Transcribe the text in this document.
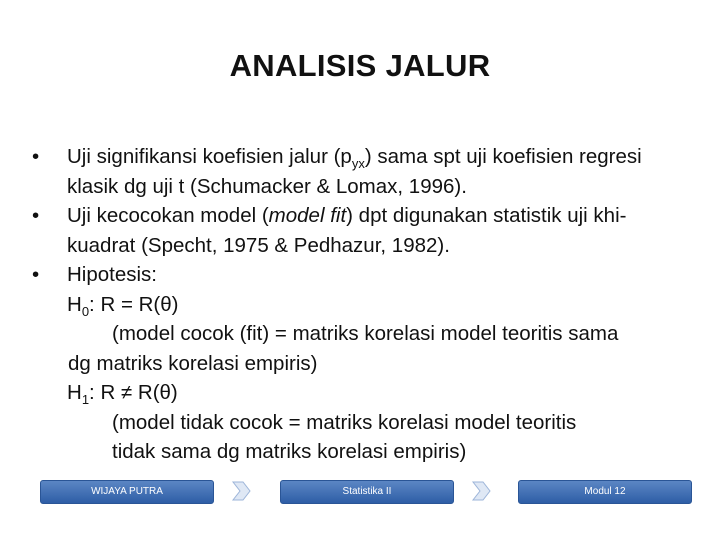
ANALISIS JALUR
• Uji signifikansi koefisien jalur $(p_{yx})$ sama spt uji koefisien regresi
klasik dg uji t (Schumacker & Lomax, 1996).
• Uji kecocokan model (model fit) dpt digunakan statistik uji khi-
kuadrat (Specht, 1975 & Pedhazur, 1982).
• Hipotesis:
$H_0$: R = R(θ)
(model cocok (fit) = matriks korelasi model teoritis sama
dg matriks korelasi empiris)
$H_1$: R ≠ R(θ)
(model tidak cocok = matriks korelasi model teoritis
tidak sama dg matriks korelasi empiris)
WIJAYA PUTRA	Statistika II	Modul 12
